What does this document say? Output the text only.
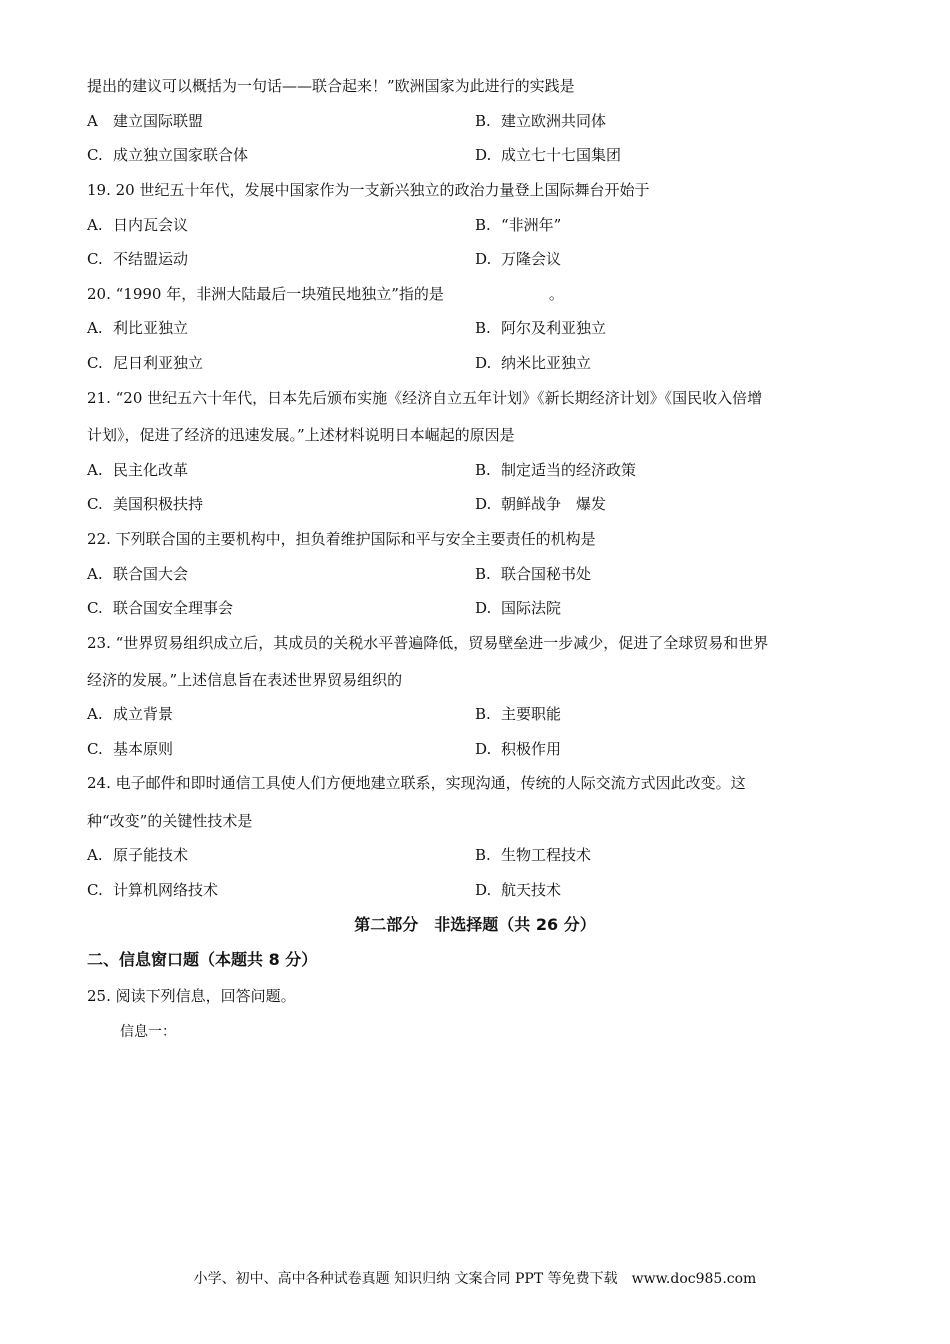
提出的建议可以概括为一句话——联合起来！”欧洲国家为此进行的实践是
A 建立国际联盟	B. 建立欧洲共同体
C. 成立独立国家联合体	D. 成立七十七国集团
19. 20 世纪五十年代，发展中国家作为一支新兴独立的政治力量登上国际舞台开始于
A. 日内瓦会议	B. “非洲年”
C. 不结盟运动	D. 万隆会议
20. “1990 年，非洲大陆最后一块殖民地独立”指的是　　　　　　　。
A. 利比亚独立	B. 阿尔及利亚独立
C. 尼日利亚独立	D. 纳米比亚独立
21. “20 世纪五六十年代，日本先后颁布实施《经济自立五年计划》《新长期经济计划》《国民收入倍增
计划》，促进了经济的迅速发展。”上述材料说明日本崛起的原因是
A. 民主化改革	B. 制定适当的经济政策
C. 美国积极扶持	D. 朝鲜战争　爆发
22. 下列联合国的主要机构中，担负着维护国际和平与安全主要责任的机构是
A. 联合国大会	B. 联合国秘书处
C. 联合国安全理事会	D. 国际法院
23. “世界贸易组织成立后，其成员的关税水平普遍降低，贸易壁垒进一步减少，促进了全球贸易和世界
经济的发展。”上述信息旨在表述世界贸易组织的
A. 成立背景	B. 主要职能
C. 基本原则	D. 积极作用
24. 电子邮件和即时通信工具使人们方便地建立联系，实现沟通，传统的人际交流方式因此改变。这
种“改变”的关键性技术是
A. 原子能技术	B. 生物工程技术
C. 计算机网络技术	D. 航天技术
第二部分　非选择题（共 26 分）
二、信息窗口题（本题共 8 分）
25. 阅读下列信息，回答问题。
信息一：
小学、初中、高中各种试卷真题 知识归纳 文案合同 PPT 等免费下载　www.doc985.com
